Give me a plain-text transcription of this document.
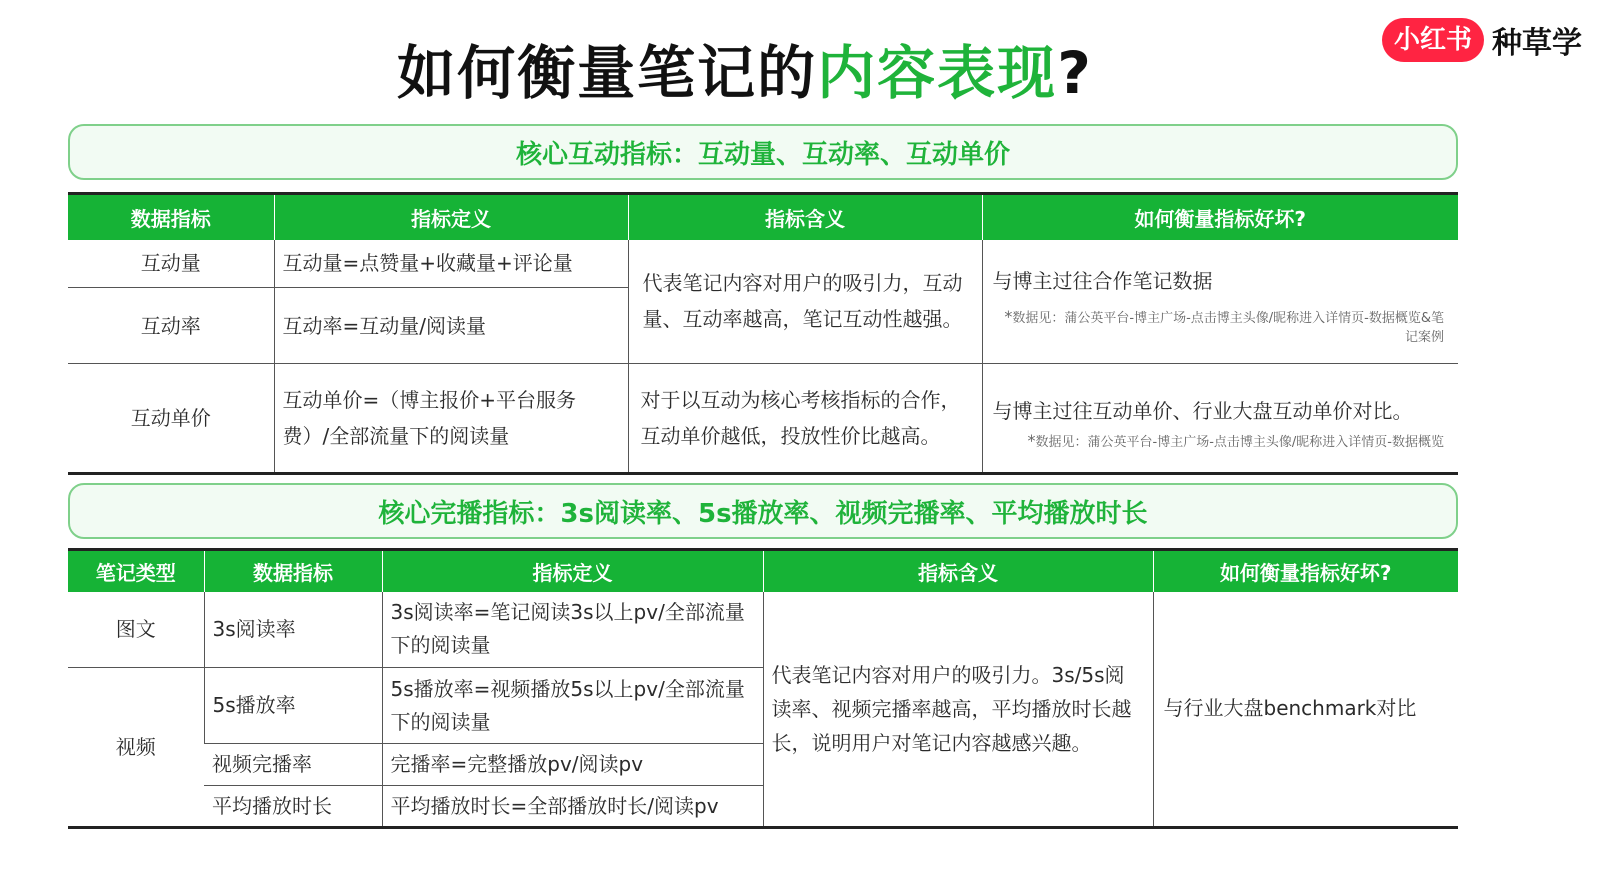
如何衡量笔记的内容表现?	小红书 种草学
核心互动指标：互动量、互动率、互动单价
数据指标	指标定义	指标含义	如何衡量指标好坏?
互动量	互动量=点赞量+收藏量+评论量	代表笔记内容对用户的吸引力，互动量、互动率越高，笔记互动性越强。	与博主过往合作笔记数据
*数据见：蒲公英平台-博主广场-点击博主头像/昵称进入详情页-数据概览&笔记案例

互动率	互动率=互动量/阅读量		
互动单价	互动单价=（博主报价+平台服务费）/全部流量下的阅读量	对于以互动为核心考核指标的合作，互动单价越低，投放性价比越高。	与博主过往互动单价、行业大盘互动单价对比。
*数据见：蒲公英平台-博主广场-点击博主头像/昵称进入详情页-数据概览
核心完播指标：3s阅读率、5s播放率、视频完播率、平均播放时长
笔记类型	数据指标	指标定义	指标含义	如何衡量指标好坏?
图文	3s阅读率	3s阅读率=笔记阅读3s以上pv/全部流量下的阅读量	代表笔记内容对用户的吸引力。3s/5s阅读率、视频完播率越高，平均播放时长越长，说明用户对笔记内容越感兴趣。	与行业大盘benchmark对比
视频	5s播放率	5s播放率=视频播放5s以上pv/全部流量下的阅读量		
	视频完播率	完播率=完整播放pv/阅读pv		
	平均播放时长	平均播放时长=全部播放时长/阅读pv		
